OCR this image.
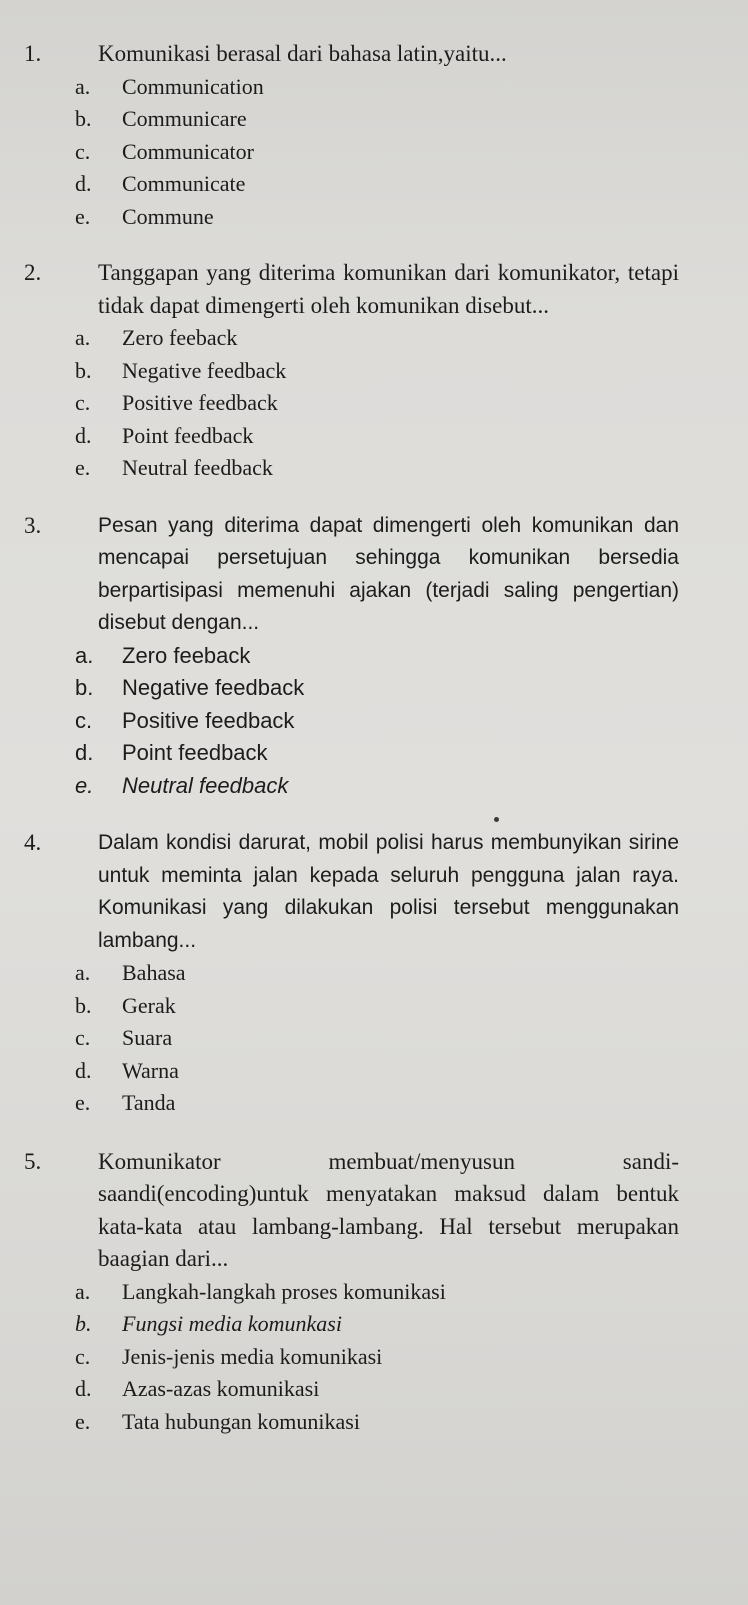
1. Komunikasi berasal dari bahasa latin,yaitu...
a.	Communication
b.	Communicare
c.	Communicator
d.	Communicate
e.	Commune
2. Tanggapan yang diterima komunikan dari komunikator, tetapi tidak dapat dimengerti oleh komunikan disebut...
a.	Zero feeback
b.	Negative feedback
c.	Positive feedback
d.	Point feedback
e.	Neutral feedback
3.	Pesan yang diterima dapat dimengerti oleh komunikan dan mencapai persetujuan sehingga komunikan bersedia berpartisipasi memenuhi ajakan (terjadi saling pengertian) disebut dengan...
a.	Zero feeback
b.	Negative feedback
c.	Positive feedback
d.	Point feedback
e.	Neutral feedback
4.	Dalam kondisi darurat, mobil polisi harus membunyikan sirine untuk meminta jalan kepada seluruh pengguna jalan raya. Komunikasi yang dilakukan polisi tersebut menggunakan lambang...
a.	Bahasa
b.	Gerak
c.	Suara
d.	Warna
e.	Tanda
5. Komunikator membuat/menyusun sandi-saandi(encoding)untuk menyatakan maksud dalam bentuk kata-kata atau lambang-lambang. Hal tersebut merupakan baagian dari...
a.	Langkah-langkah proses komunikasi
b.	Fungsi media komunkasi
c.	Jenis-jenis media komunikasi
d.	Azas-azas komunikasi
e.	Tata hubungan komunikasi
